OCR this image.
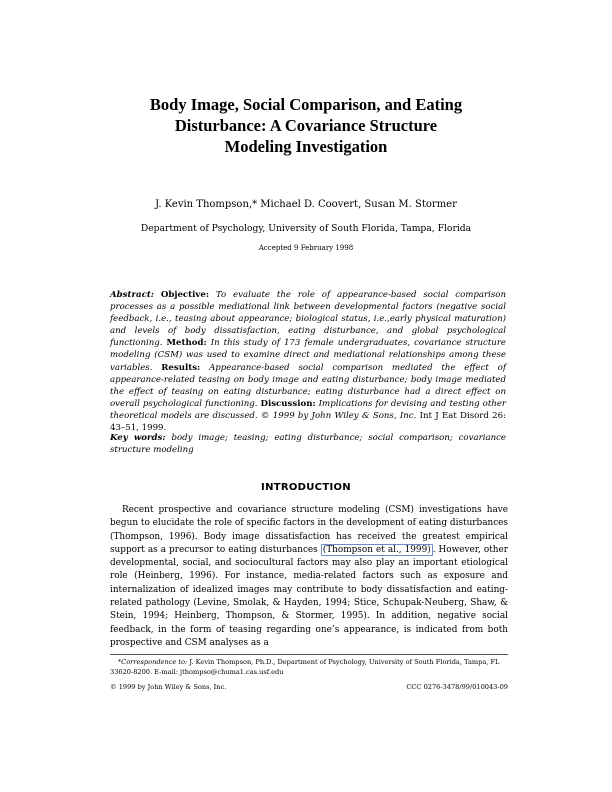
Body Image, Social Comparison, and Eating
Disturbance: A Covariance Structure
Modeling Investigation

J. Kevin Thompson,* Michael D. Coovert, Susan M. Stormer

Department of Psychology, University of South Florida, Tampa, Florida

Accepted 9 February 1998

Abstract: Objective: To evaluate the role of appearance-based social comparison processes as a possible mediational link between developmental factors (negative social feedback, i.e., teasing about appearance; biological status, i.e.,early physical maturation) and levels of body dissatisfaction, eating disturbance, and global psychological functioning. Method: In this study of 173 female undergraduates, covariance structure modeling (CSM) was used to examine direct and mediational relationships among these variables. Results: Appearance-based social comparison mediated the effect of appearance-related teasing on body image and eating disturbance; body image mediated the effect of teasing on eating disturbance; eating disturbance had a direct effect on overall psychological functioning. Discussion: Implications for devising and testing other theoretical models are discussed. © 1999 by John Wiley & Sons, Inc. Int J Eat Disord 26: 43–51, 1999.

Key words: body image; teasing; eating disturbance; social comparison; covariance structure modeling

INTRODUCTION

Recent prospective and covariance structure modeling (CSM) investigations have begun to elucidate the role of specific factors in the development of eating disturbances (Thompson, 1996). Body image dissatisfaction has received the greatest empirical support as a precursor to eating disturbances (Thompson et al., 1999) . However, other developmental, social, and sociocultural factors may also play an important etiological role (Heinberg, 1996). For instance, media-related factors such as exposure and internalization of idealized images may contribute to body dissatisfaction and eating-related pathology (Levine, Smolak, & Hayden, 1994; Stice, Schupak-Neuberg, Shaw, & Stein, 1994; Heinberg, Thompson, & Stormer, 1995). In addition, negative social feedback, in the form of teasing regarding one’s appearance, is indicated from both prospective and CSM analyses as a

*Correspondence to: J. Kevin Thompson, Ph.D., Department of Psychology, University of South Florida, Tampa, FL 33620-8200. E-mail: jthompso@chuma1.cas.usf.edu

© 1999 by John Wiley & Sons, Inc.	CCC 0276-3478/99/010043-09
